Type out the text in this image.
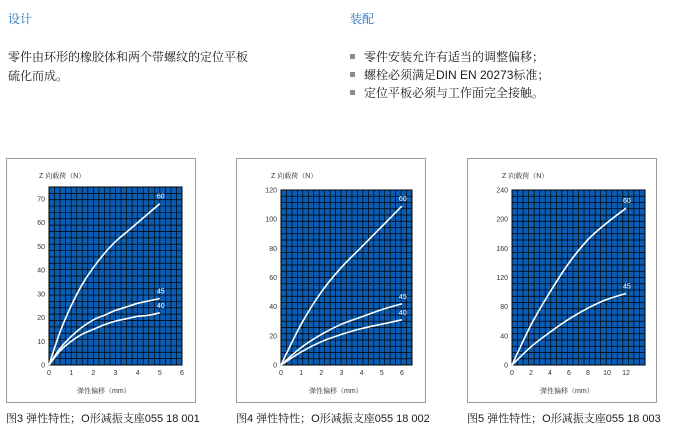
设计
零件由环形的橡胶体和两个带螺纹的定位平板硫化而成。
装配
零件安装允许有适当的调整偏移；
螺栓必须满足DIN EN 20273标准；
定位平板必须与工作面完全接触。
Z 向载荷（N）
0
10
20
30
40
50
60
70
0	1	2	3	4	5	6
弹性偏移（mm）
60
45
40
Z 向载荷（N）
0
20
40
60
80
100
120
0 1 2 3 4 5 6
弹性偏移（mm）
60
45
40
Z 向载荷（N）
0
40
80
120
160
200
240
0 2 4 6 8 10 12
弹性偏移（mm）
60
45
图3 弹性特性；O形减振支座055 18 001	图4 弹性特性；O形减振支座055 18 002	图5 弹性特性；O形减振支座055 18 003
